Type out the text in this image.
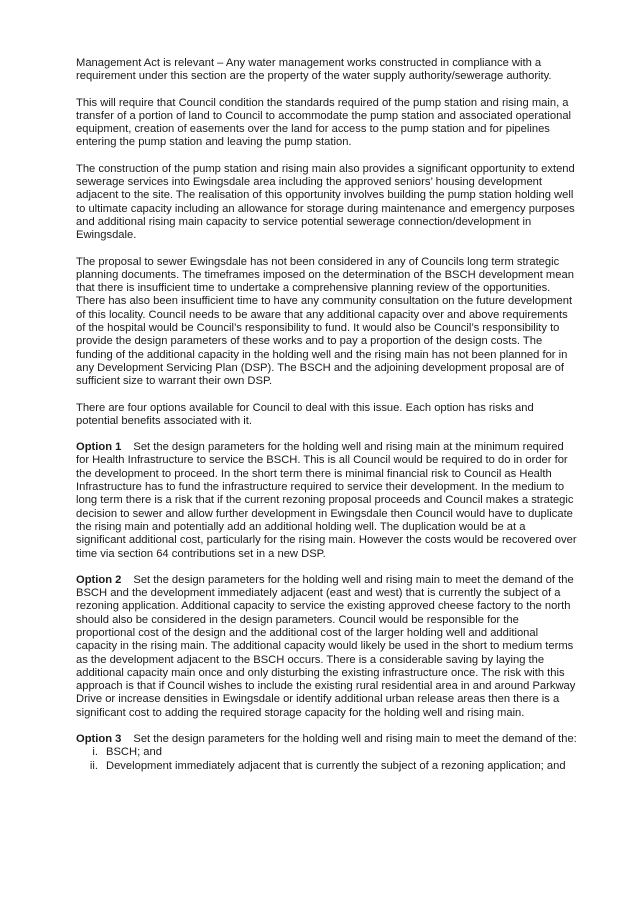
Management Act is relevant – Any water management works constructed in compliance with a requirement under this section are the property of the water supply authority/sewerage authority.

This will require that Council condition the standards required of the pump station and rising main, a transfer of a portion of land to Council to accommodate the pump station and associated operational equipment, creation of easements over the land for access to the pump station and for pipelines entering the pump station and leaving the pump station.

The construction of the pump station and rising main also provides a significant opportunity to extend sewerage services into Ewingsdale area including the approved seniors’ housing development adjacent to the site. The realisation of this opportunity involves building the pump station holding well to ultimate capacity including an allowance for storage during maintenance and emergency purposes and additional rising main capacity to service potential sewerage connection/development in Ewingsdale.

The proposal to sewer Ewingsdale has not been considered in any of Councils long term strategic planning documents. The timeframes imposed on the determination of the BSCH development mean that there is insufficient time to undertake a comprehensive planning review of the opportunities. There has also been insufficient time to have any community consultation on the future development of this locality. Council needs to be aware that any additional capacity over and above requirements of the hospital would be Council’s responsibility to fund. It would also be Council’s responsibility to provide the design parameters of these works and to pay a proportion of the design costs. The funding of the additional capacity in the holding well and the rising main has not been planned for in any Development Servicing Plan (DSP). The BSCH and the adjoining development proposal are of sufficient size to warrant their own DSP.

There are four options available for Council to deal with this issue. Each option has risks and potential benefits associated with it.

Option 1 Set the design parameters for the holding well and rising main at the minimum required for Health Infrastructure to service the BSCH. This is all Council would be required to do in order for the development to proceed. In the short term there is minimal financial risk to Council as Health Infrastructure has to fund the infrastructure required to service their development. In the medium to long term there is a risk that if the current rezoning proposal proceeds and Council makes a strategic decision to sewer and allow further development in Ewingsdale then Council would have to duplicate the rising main and potentially add an additional holding well. The duplication would be at a significant additional cost, particularly for the rising main. However the costs would be recovered over time via section 64 contributions set in a new DSP.

Option 2 Set the design parameters for the holding well and rising main to meet the demand of the BSCH and the development immediately adjacent (east and west) that is currently the subject of a rezoning application. Additional capacity to service the existing approved cheese factory to the north should also be considered in the design parameters. Council would be responsible for the proportional cost of the design and the additional cost of the larger holding well and additional capacity in the rising main. The additional capacity would likely be used in the short to medium terms as the development adjacent to the BSCH occurs. There is a considerable saving by laying the additional capacity main once and only disturbing the existing infrastructure once. The risk with this approach is that if Council wishes to include the existing rural residential area in and around Parkway Drive or increase densities in Ewingsdale or identify additional urban release areas then there is a significant cost to adding the required storage capacity for the holding well and rising main.

Option 3 Set the design parameters for the holding well and rising main to meet the demand of the:

i. BSCH; and
ii. Development immediately adjacent that is currently the subject of a rezoning application; and
